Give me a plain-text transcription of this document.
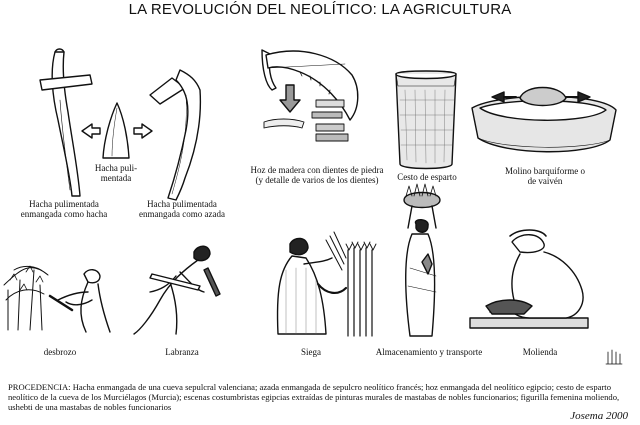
LA REVOLUCIÓN DEL NEOLÍTICO: LA AGRICULTURA
Hacha pulimentada
enmangada como hacha
Hacha puli-
mentada
Hacha pulimentada
enmangada como azada
Hoz de madera con dientes de piedra
(y detalle de varios de los dientes)	Cesto de esparto
Molino barquiforme o
de vaivén
desbrozo	Labranza	Siega	Almacenamiento y transporte	Molienda
PROCEDENCIA: Hacha enmangada de una cueva sepulcral valenciana; azada enmangada de sepulcro neolítico francés; hoz enmangada del neolítico egipcio; cesto de esparto neolítico de la cueva de los Murciélagos (Murcia); escenas costumbristas egipcias extraídas de pinturas murales de mastabas de nobles funcionarios; figurilla femenina moliendo, ushebti de una mastabas de nobles funcionarios
Josema 2000
